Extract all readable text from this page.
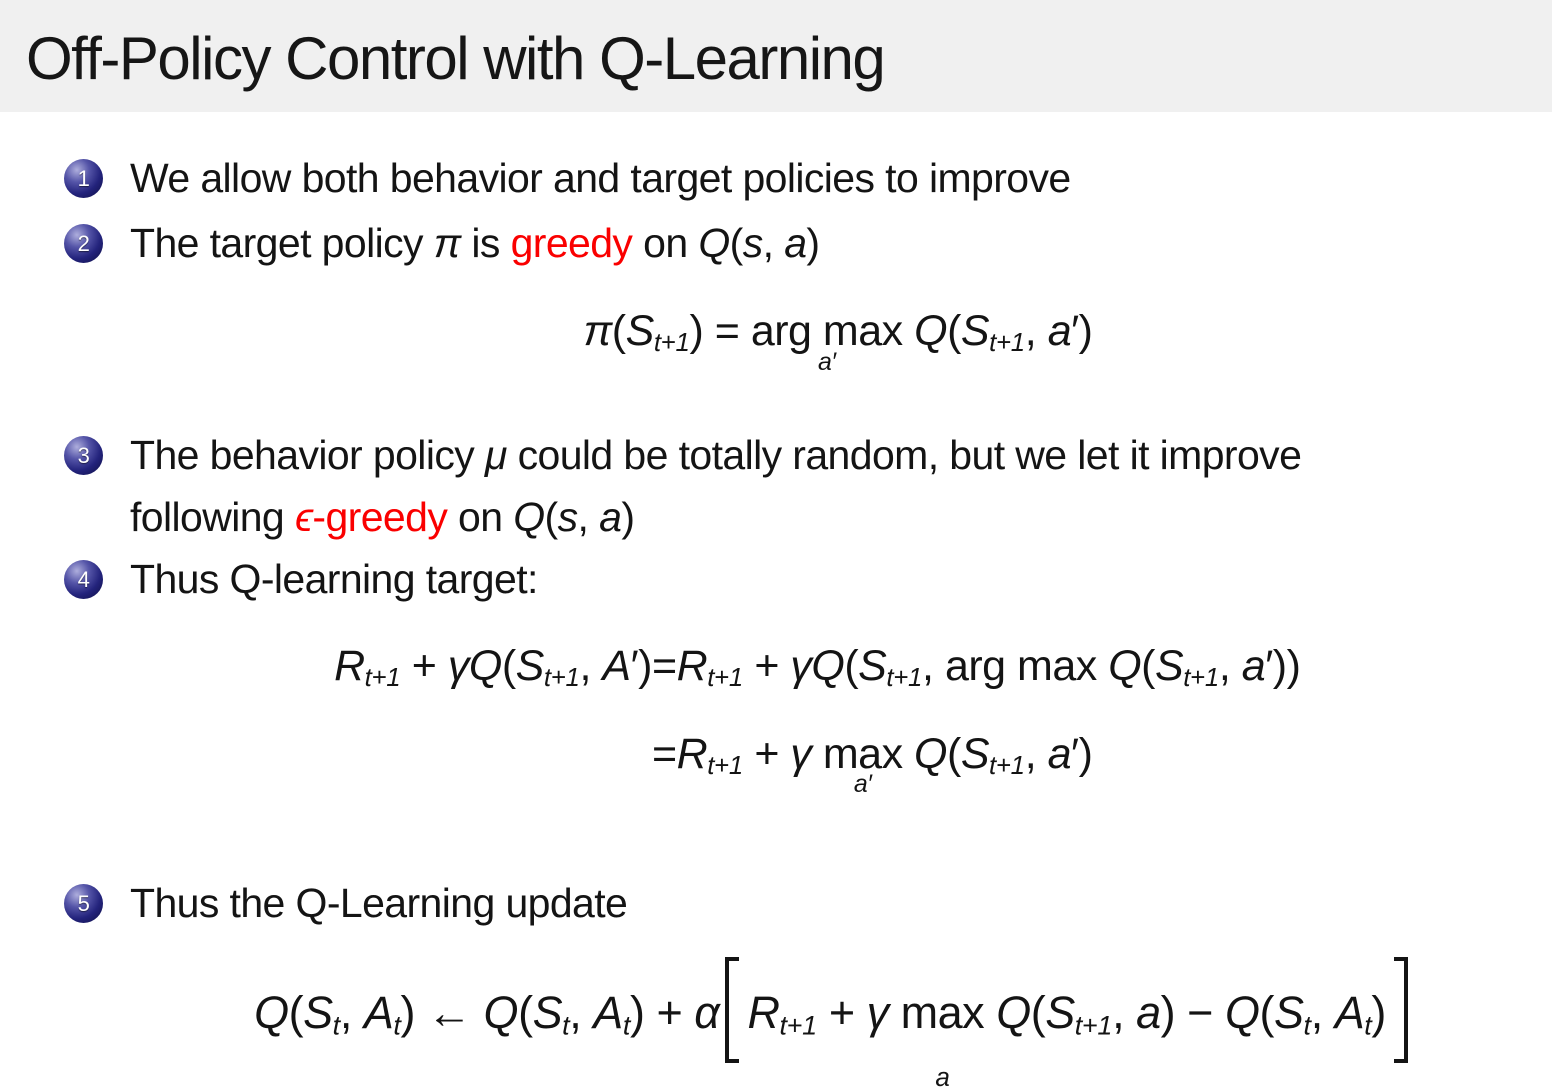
Off-Policy Control with Q-Learning
1 We allow both behavior and target policies to improve
2 The target policy π is greedy on Q(s, a)
π(St+1) = arg max
a′
Q(St+1, a′)
3 The behavior policy μ could be totally random, but we let it improve
following ϵ-greedy on Q(s, a)
4 Thus Q-learning target:
Rt+1 + γQ(St+1, A′) =Rt+1 + γQ(St+1, arg max Q(St+1, a′))
=Rt+1 + γ max
a′
Q(St+1, a′)
5 Thus the Q-Learning update
Q(St, At) ← Q(St, At) + α Rt+1 + γ max
a
Q(St+1, a) − Q(St, At)
